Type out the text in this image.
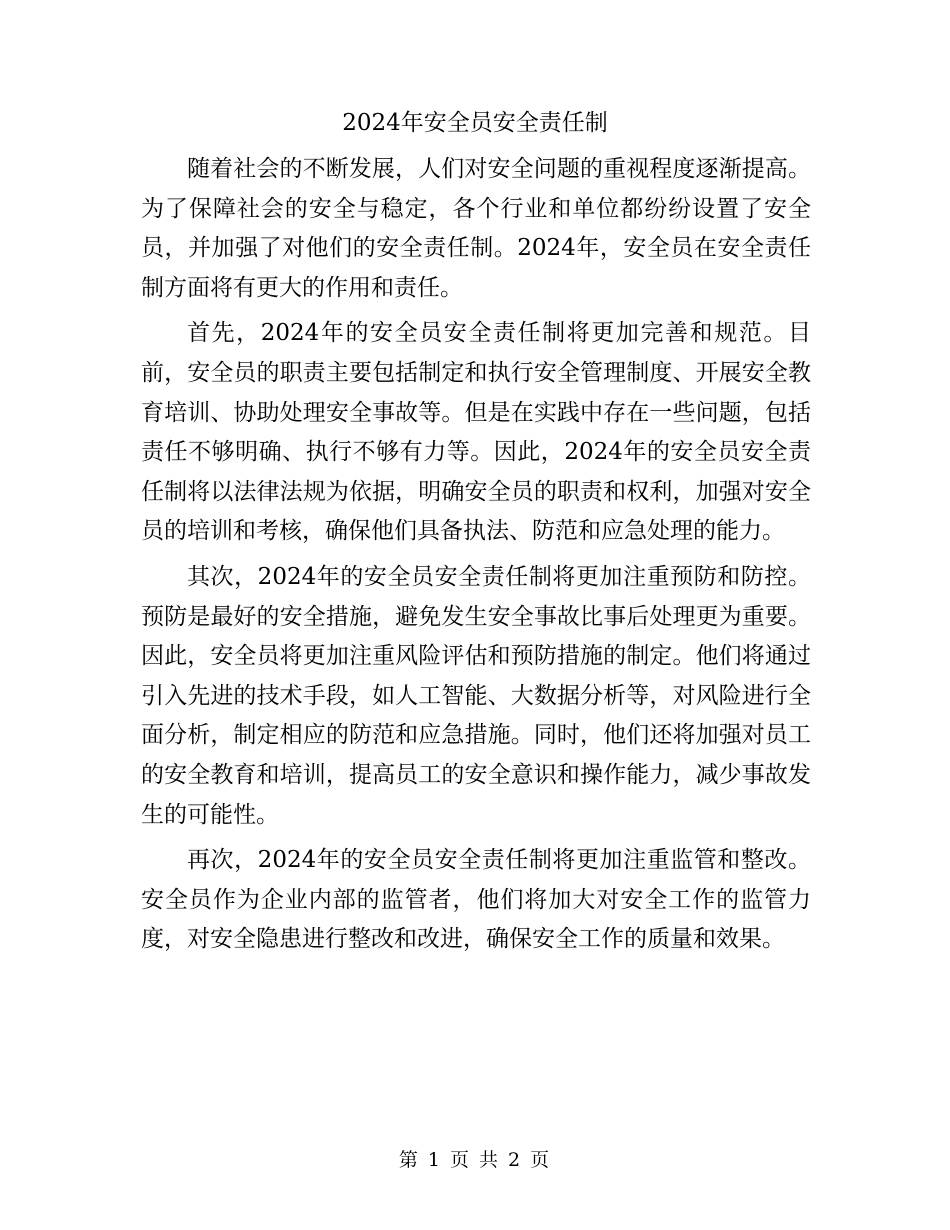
2024年安全员安全责任制

随着社会的不断发展，人们对安全问题的重视程度逐渐提高。为了保障社会的安全与稳定，各个行业和单位都纷纷设置了安全员，并加强了对他们的安全责任制。2024年，安全员在安全责任制方面将有更大的作用和责任。

首先，2024年的安全员安全责任制将更加完善和规范。目前，安全员的职责主要包括制定和执行安全管理制度、开展安全教育培训、协助处理安全事故等。但是在实践中存在一些问题，包括责任不够明确、执行不够有力等。因此，2024年的安全员安全责任制将以法律法规为依据，明确安全员的职责和权利，加强对安全员的培训和考核，确保他们具备执法、防范和应急处理的能力。

其次，2024年的安全员安全责任制将更加注重预防和防控。预防是最好的安全措施，避免发生安全事故比事后处理更为重要。因此，安全员将更加注重风险评估和预防措施的制定。他们将通过引入先进的技术手段，如人工智能、大数据分析等，对风险进行全面分析，制定相应的防范和应急措施。同时，他们还将加强对员工的安全教育和培训，提高员工的安全意识和操作能力，减少事故发生的可能性。

再次，2024年的安全员安全责任制将更加注重监管和整改。安全员作为企业内部的监管者，他们将加大对安全工作的监管力度，对安全隐患进行整改和改进，确保安全工作的质量和效果。

第 1 页 共 2 页
